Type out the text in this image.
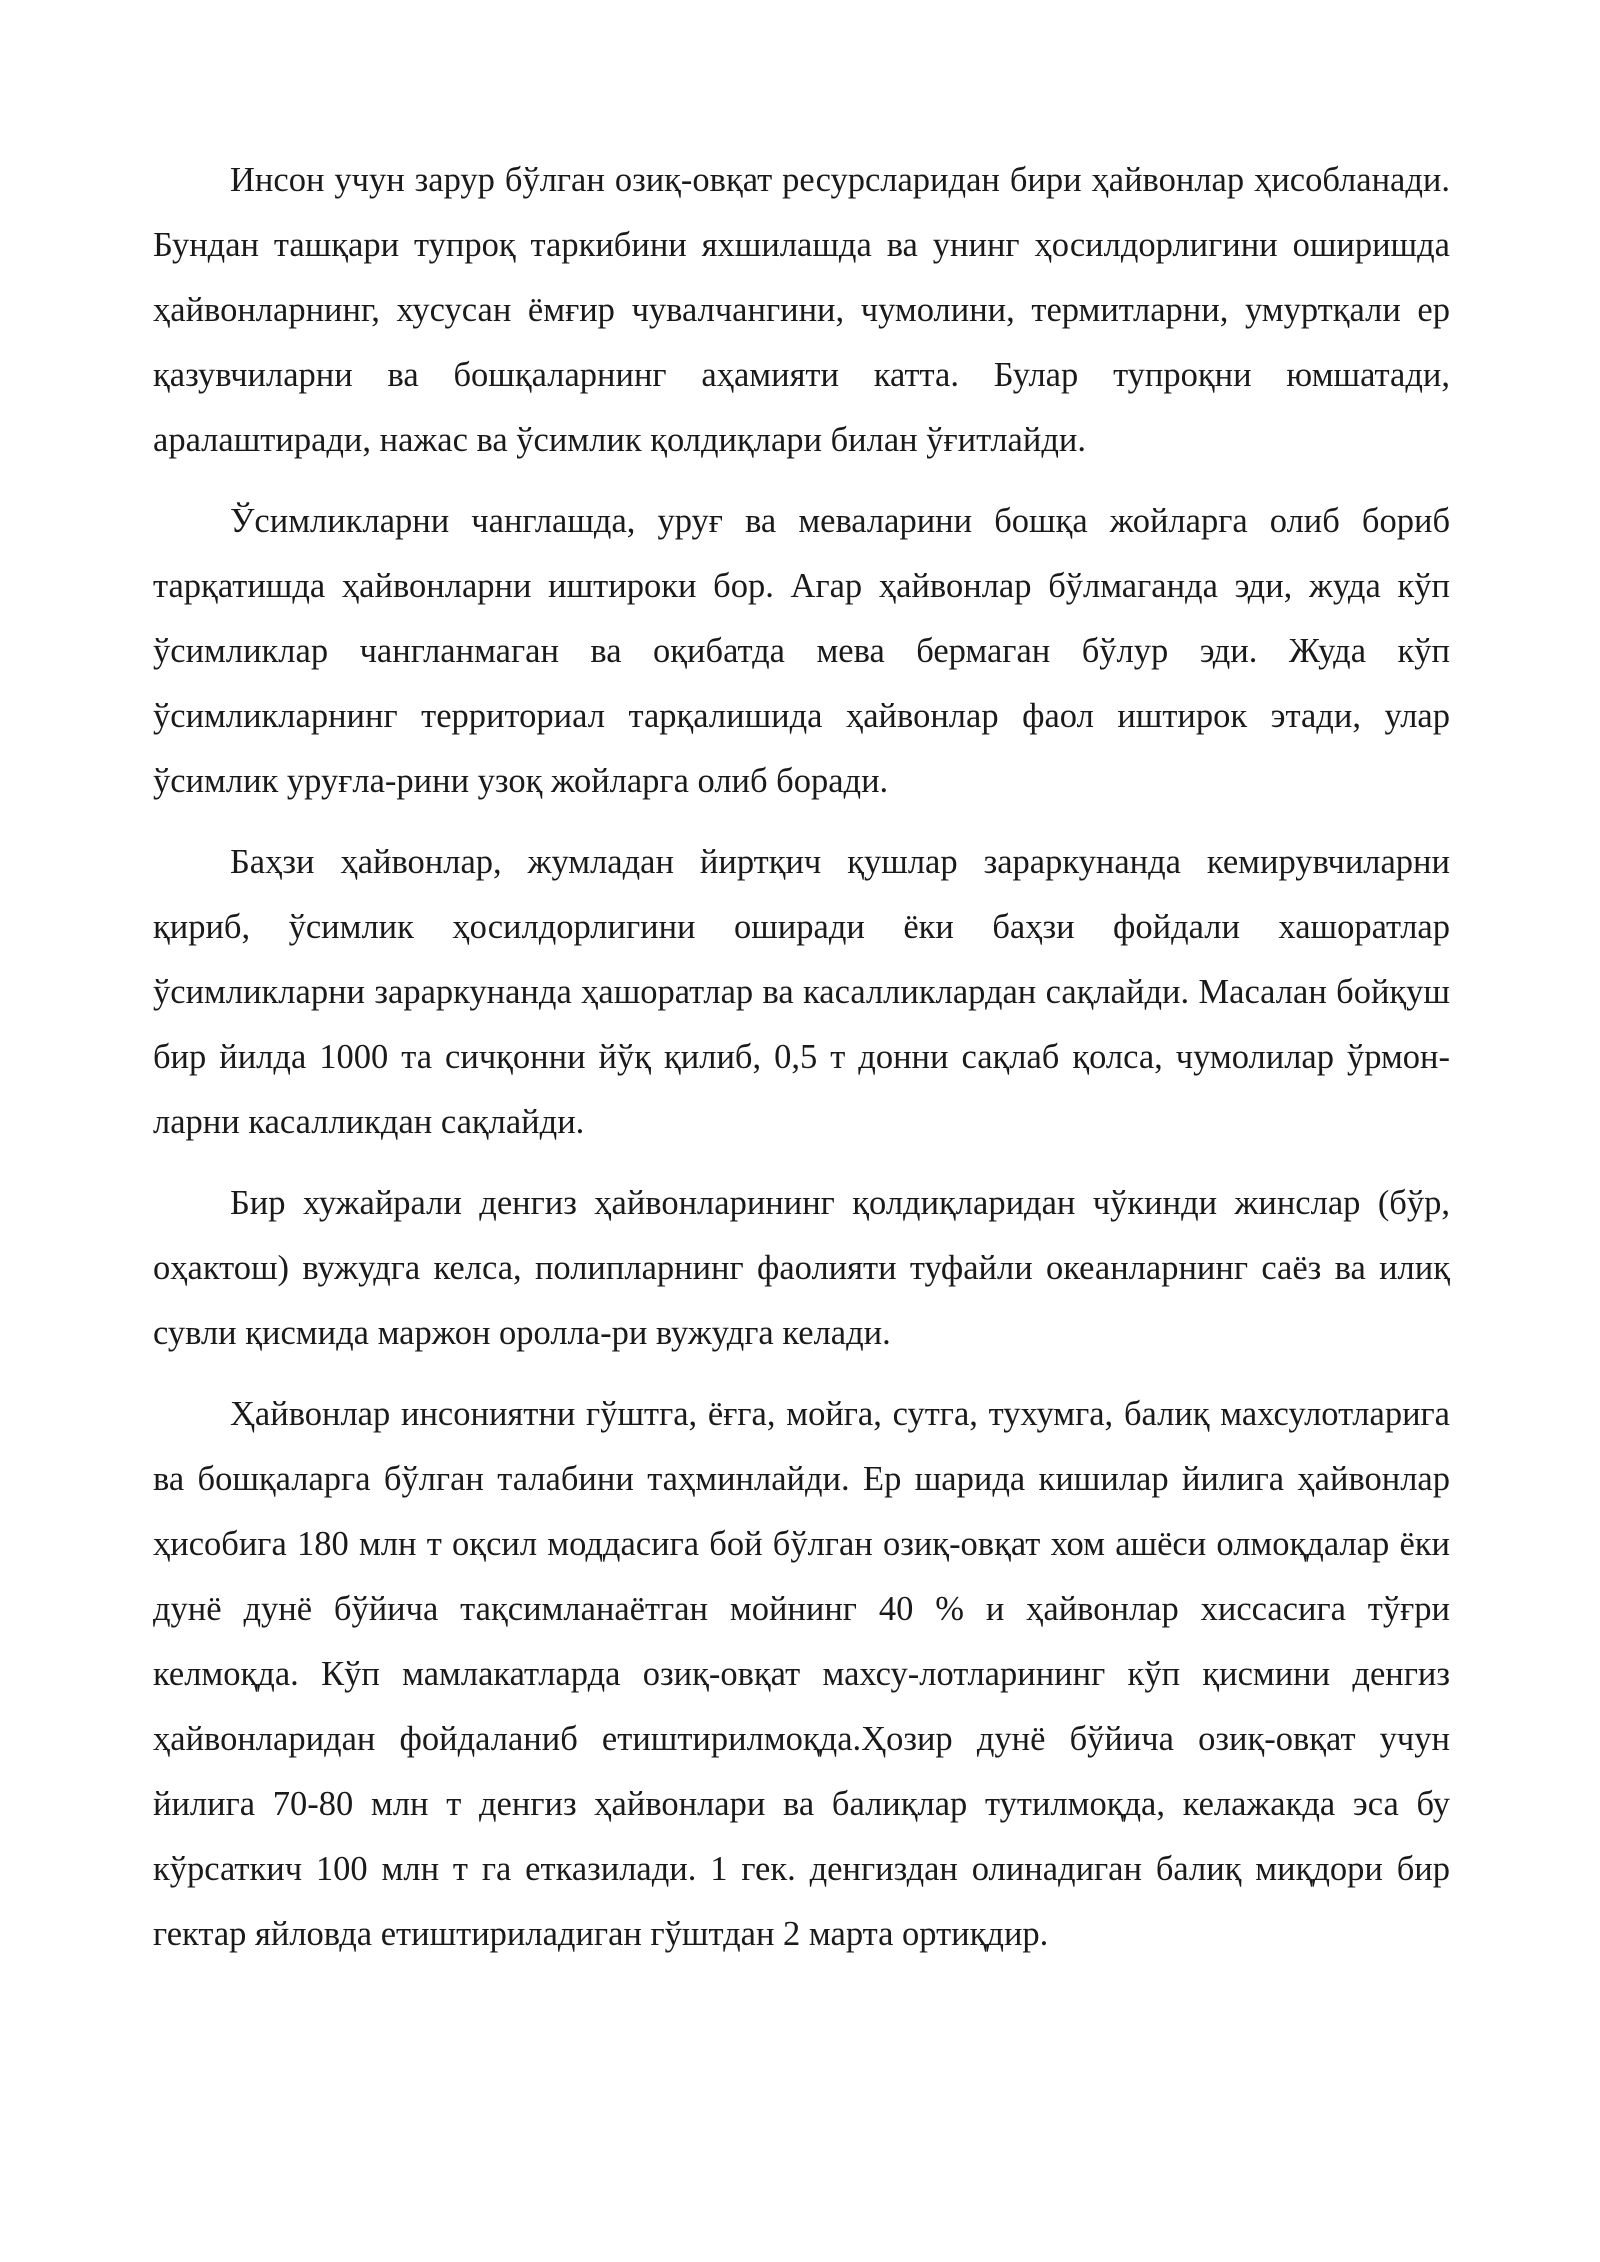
Инсон учун зарур бўлган озиқ-овқат ресурсларидан бири ҳайвонлар ҳисобланади. Бундан ташқари тупроқ таркибини яхшилашда ва унинг ҳосилдорлигини оширишда ҳайвонларнинг, хусусан ёмғир чувалчангини, чумолини, термитларни, умуртқали ер қазувчиларни ва бошқаларнинг аҳамияти катта. Булар тупроқни юмшатади, аралаштиради, нажас ва ўсимлик қолдиқлари билан ўғитлайди.

Ўсимликларни чанглашда, уруғ ва меваларини бошқа жойларга олиб бориб тарқатишда ҳайвонларни иштироки бор. Агар ҳайвонлар бўлмаганда эди, жуда кўп ўсимликлар чангланмаган ва оқибатда мева бермаган бўлур эди. Жуда кўп ўсимликларнинг территориал тарқалишида ҳайвонлар фаол иштирок этади, улар ўсимлик уруғла-рини узоқ жойларга олиб боради.

Баҳзи ҳайвонлар, жумладан йиртқич қушлар зараркунанда кемирувчиларни қириб, ўсимлик ҳосилдорлигини оширади ёки баҳзи фойдали хашоратлар ўсимликларни зараркунанда ҳашоратлар ва касалликлардан сақлайди. Масалан бойқуш бир йилда 1000 та сичқонни йўқ қилиб, 0,5 т донни сақлаб қолса, чумолилар ўрмон-ларни касалликдан сақлайди.

Бир хужайрали денгиз ҳайвонларининг қолдиқларидан чўкинди жинслар (бўр, оҳактош) вужудга келса, полипларнинг фаолияти туфайли океанларнинг саёз ва илиқ сувли қисмида маржон оролла-ри вужудга келади.

Ҳайвонлар инсониятни гўштга, ёғга, мойга, сутга, тухумга, балиқ махсулотларига ва бошқаларга бўлган талабини таҳминлайди. Ер шарида кишилар йилига ҳайвонлар ҳисобига 180 млн т оқсил моддасига бой бўлган озиқ-овқат хом ашёси олмоқдалар ёки дунё дунё бўйича тақсимланаётган мойнинг 40 % и ҳайвонлар хиссасига тўғри келмоқда. Кўп мамлакатларда озиқ-овқат махсу-лотларининг кўп қисмини денгиз ҳайвонларидан фойдаланиб етиштирилмоқда.Ҳозир дунё бўйича озиқ-овқат учун йилига 70-80 млн т денгиз ҳайвонлари ва балиқлар тутилмоқда, келажакда эса бу кўрсаткич 100 млн т га етказилади. 1 гек. денгиздан олинадиган балиқ миқдори бир гектар яйловда етиштириладиган гўштдан 2 марта ортиқдир.
